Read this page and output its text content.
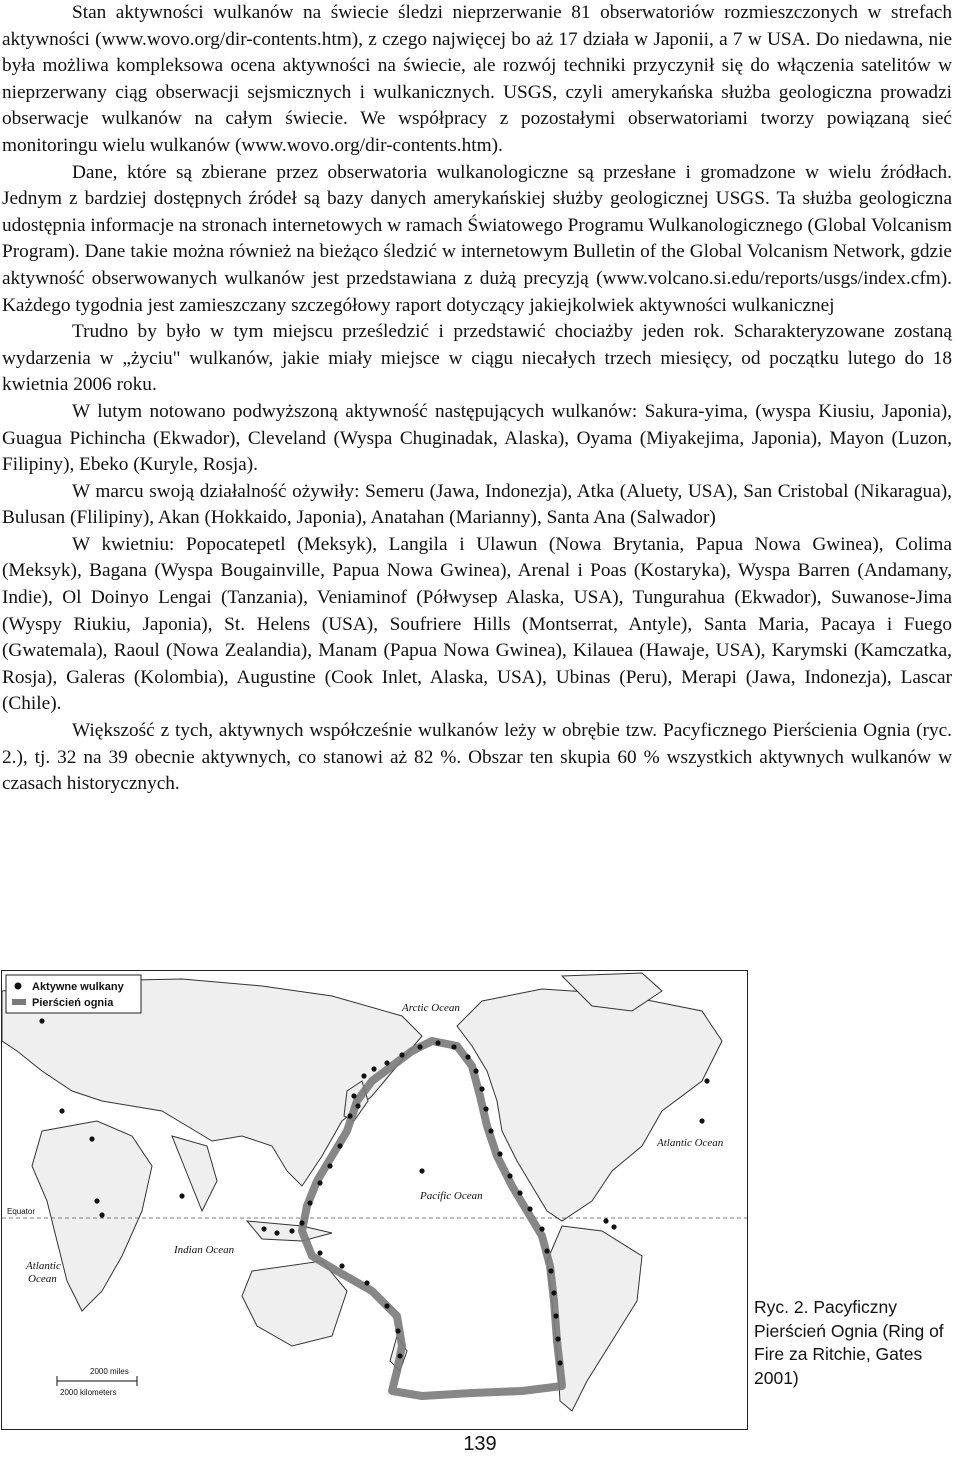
Stan aktywności wulkanów na świecie śledzi nieprzerwanie 81 obserwatoriów rozmieszczonych w strefach aktywności (www.wovo.org/dir-contents.htm), z czego najwięcej bo aż 17 działa w Japonii, a 7 w USA. Do niedawna, nie była możliwa kompleksowa ocena aktywności na świecie, ale rozwój techniki przyczynił się do włączenia satelitów w nieprzerwany ciąg obserwacji sejsmicznych i wulkanicznych. USGS, czyli amerykańska służba geologiczna prowadzi obserwacje wulkanów na całym świecie. We współpracy z pozostałymi obserwatoriami tworzy powiązaną sieć monitoringu wielu wulkanów (www.wovo.org/dir-contents.htm).

Dane, które są zbierane przez obserwatoria wulkanologiczne są przesłane i gromadzone w wielu źródłach. Jednym z bardziej dostępnych źródeł są bazy danych amerykańskiej służby geologicznej USGS. Ta służba geologiczna udostępnia informacje na stronach internetowych w ramach Światowego Programu Wulkanologicznego (Global Volcanism Program). Dane takie można również na bieżąco śledzić w internetowym Bulletin of the Global Volcanism Network, gdzie aktywność obserwowanych wulkanów jest przedstawiana z dużą precyzją (www.volcano.si.edu/reports/usgs/index.cfm). Każdego tygodnia jest zamieszczany szczegółowy raport dotyczący jakiejkolwiek aktywności wulkanicznej

Trudno by było w tym miejscu prześledzić i przedstawić chociażby jeden rok. Scharakteryzowane zostaną wydarzenia w „życiu" wulkanów, jakie miały miejsce w ciągu niecałych trzech miesięcy, od początku lutego do 18 kwietnia 2006 roku.

W lutym notowano podwyższoną aktywność następujących wulkanów: Sakura-yima, (wyspa Kiusiu, Japonia), Guagua Pichincha (Ekwador), Cleveland (Wyspa Chuginadak, Alaska), Oyama (Miyakejima, Japonia), Mayon (Luzon, Filipiny), Ebeko (Kuryle, Rosja).

W marcu swoją działalność ożywiły: Semeru (Jawa, Indonezja), Atka (Aluety, USA), San Cristobal (Nikaragua), Bulusan (Flilipiny), Akan (Hokkaido, Japonia), Anatahan (Marianny), Santa Ana (Salwador)

W kwietniu: Popocatepetl (Meksyk), Langila i Ulawun (Nowa Brytania, Papua Nowa Gwinea), Colima (Meksyk), Bagana (Wyspa Bougainville, Papua Nowa Gwinea), Arenal i Poas (Kostaryka), Wyspa Barren (Andamany, Indie), Ol Doinyo Lengai (Tanzania), Veniaminof (Półwysep Alaska, USA), Tungurahua (Ekwador), Suwanose-Jima (Wyspy Riukiu, Japonia), St. Helens (USA), Soufriere Hills (Montserrat, Antyle), Santa Maria, Pacaya i Fuego (Gwatemala), Raoul (Nowa Zealandia), Manam (Papua Nowa Gwinea), Kilauea (Hawaje, USA), Karymski (Kamczatka, Rosja), Galeras (Kolombia), Augustine (Cook Inlet, Alaska, USA), Ubinas (Peru), Merapi (Jawa, Indonezja), Lascar (Chile).

Większość z tych, aktywnych współcześnie wulkanów leży w obrębie tzw. Pacyficznego Pierścienia Ognia (ryc. 2.), tj. 32 na 39 obecnie aktywnych, co stanowi aż 82 %. Obszar ten skupia 60 % wszystkich aktywnych wulkanów w czasach historycznych.

Aktywne wulkany
Pierścień ognia	Arctic Ocean
Atlantic Ocean
Pacific Ocean
Indian Ocean
Atlantic
Ocean
Equator
2000 miles
2000 kilometers
Ryc. 2. Pacyficzny Pierścień Ognia (Ring of Fire za Ritchie, Gates 2001)
139
